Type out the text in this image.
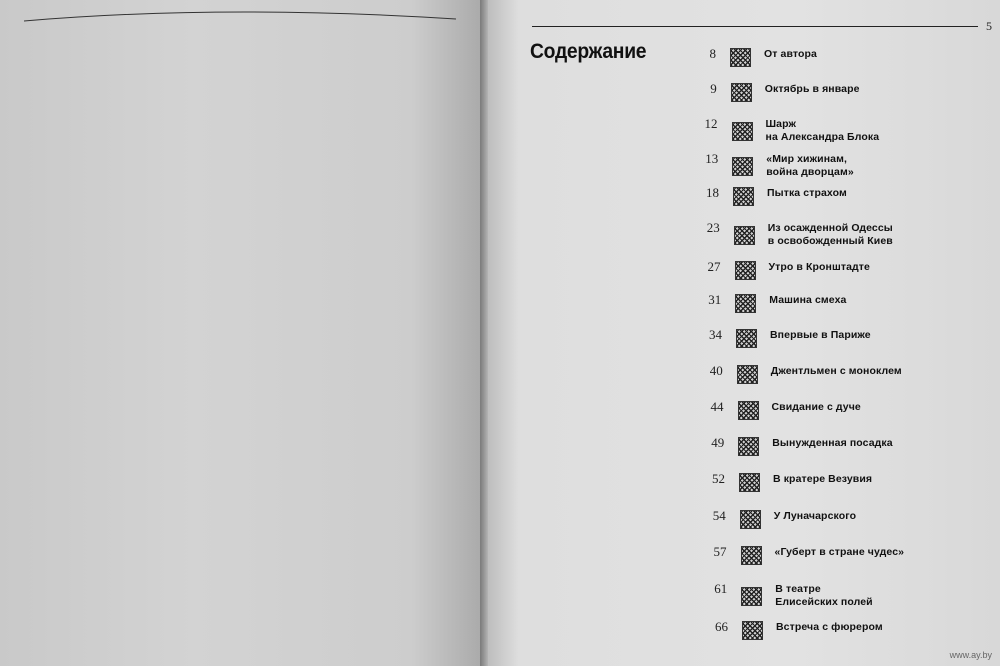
5
Содержание	8	От автора
9	Октябрь в январе
12	Шарж
на Александра Блока
13	«Мир хижинам,
война дворцам»
18	Пытка страхом
23	Из осажденной Одессы
в освобожденный Киев
27	Утро в Кронштадте
31	Машина смеха
34	Впервые в Париже
40	Джентльмен с моноклем
44	Свидание с дуче
49	Вынужденная посадка
52	В кратере Везувия
54	У Луначарского
57	«Губерт в стране чудес»
61	В театре
Елисейских полей
66	Встреча с фюрером
www.ay.by
